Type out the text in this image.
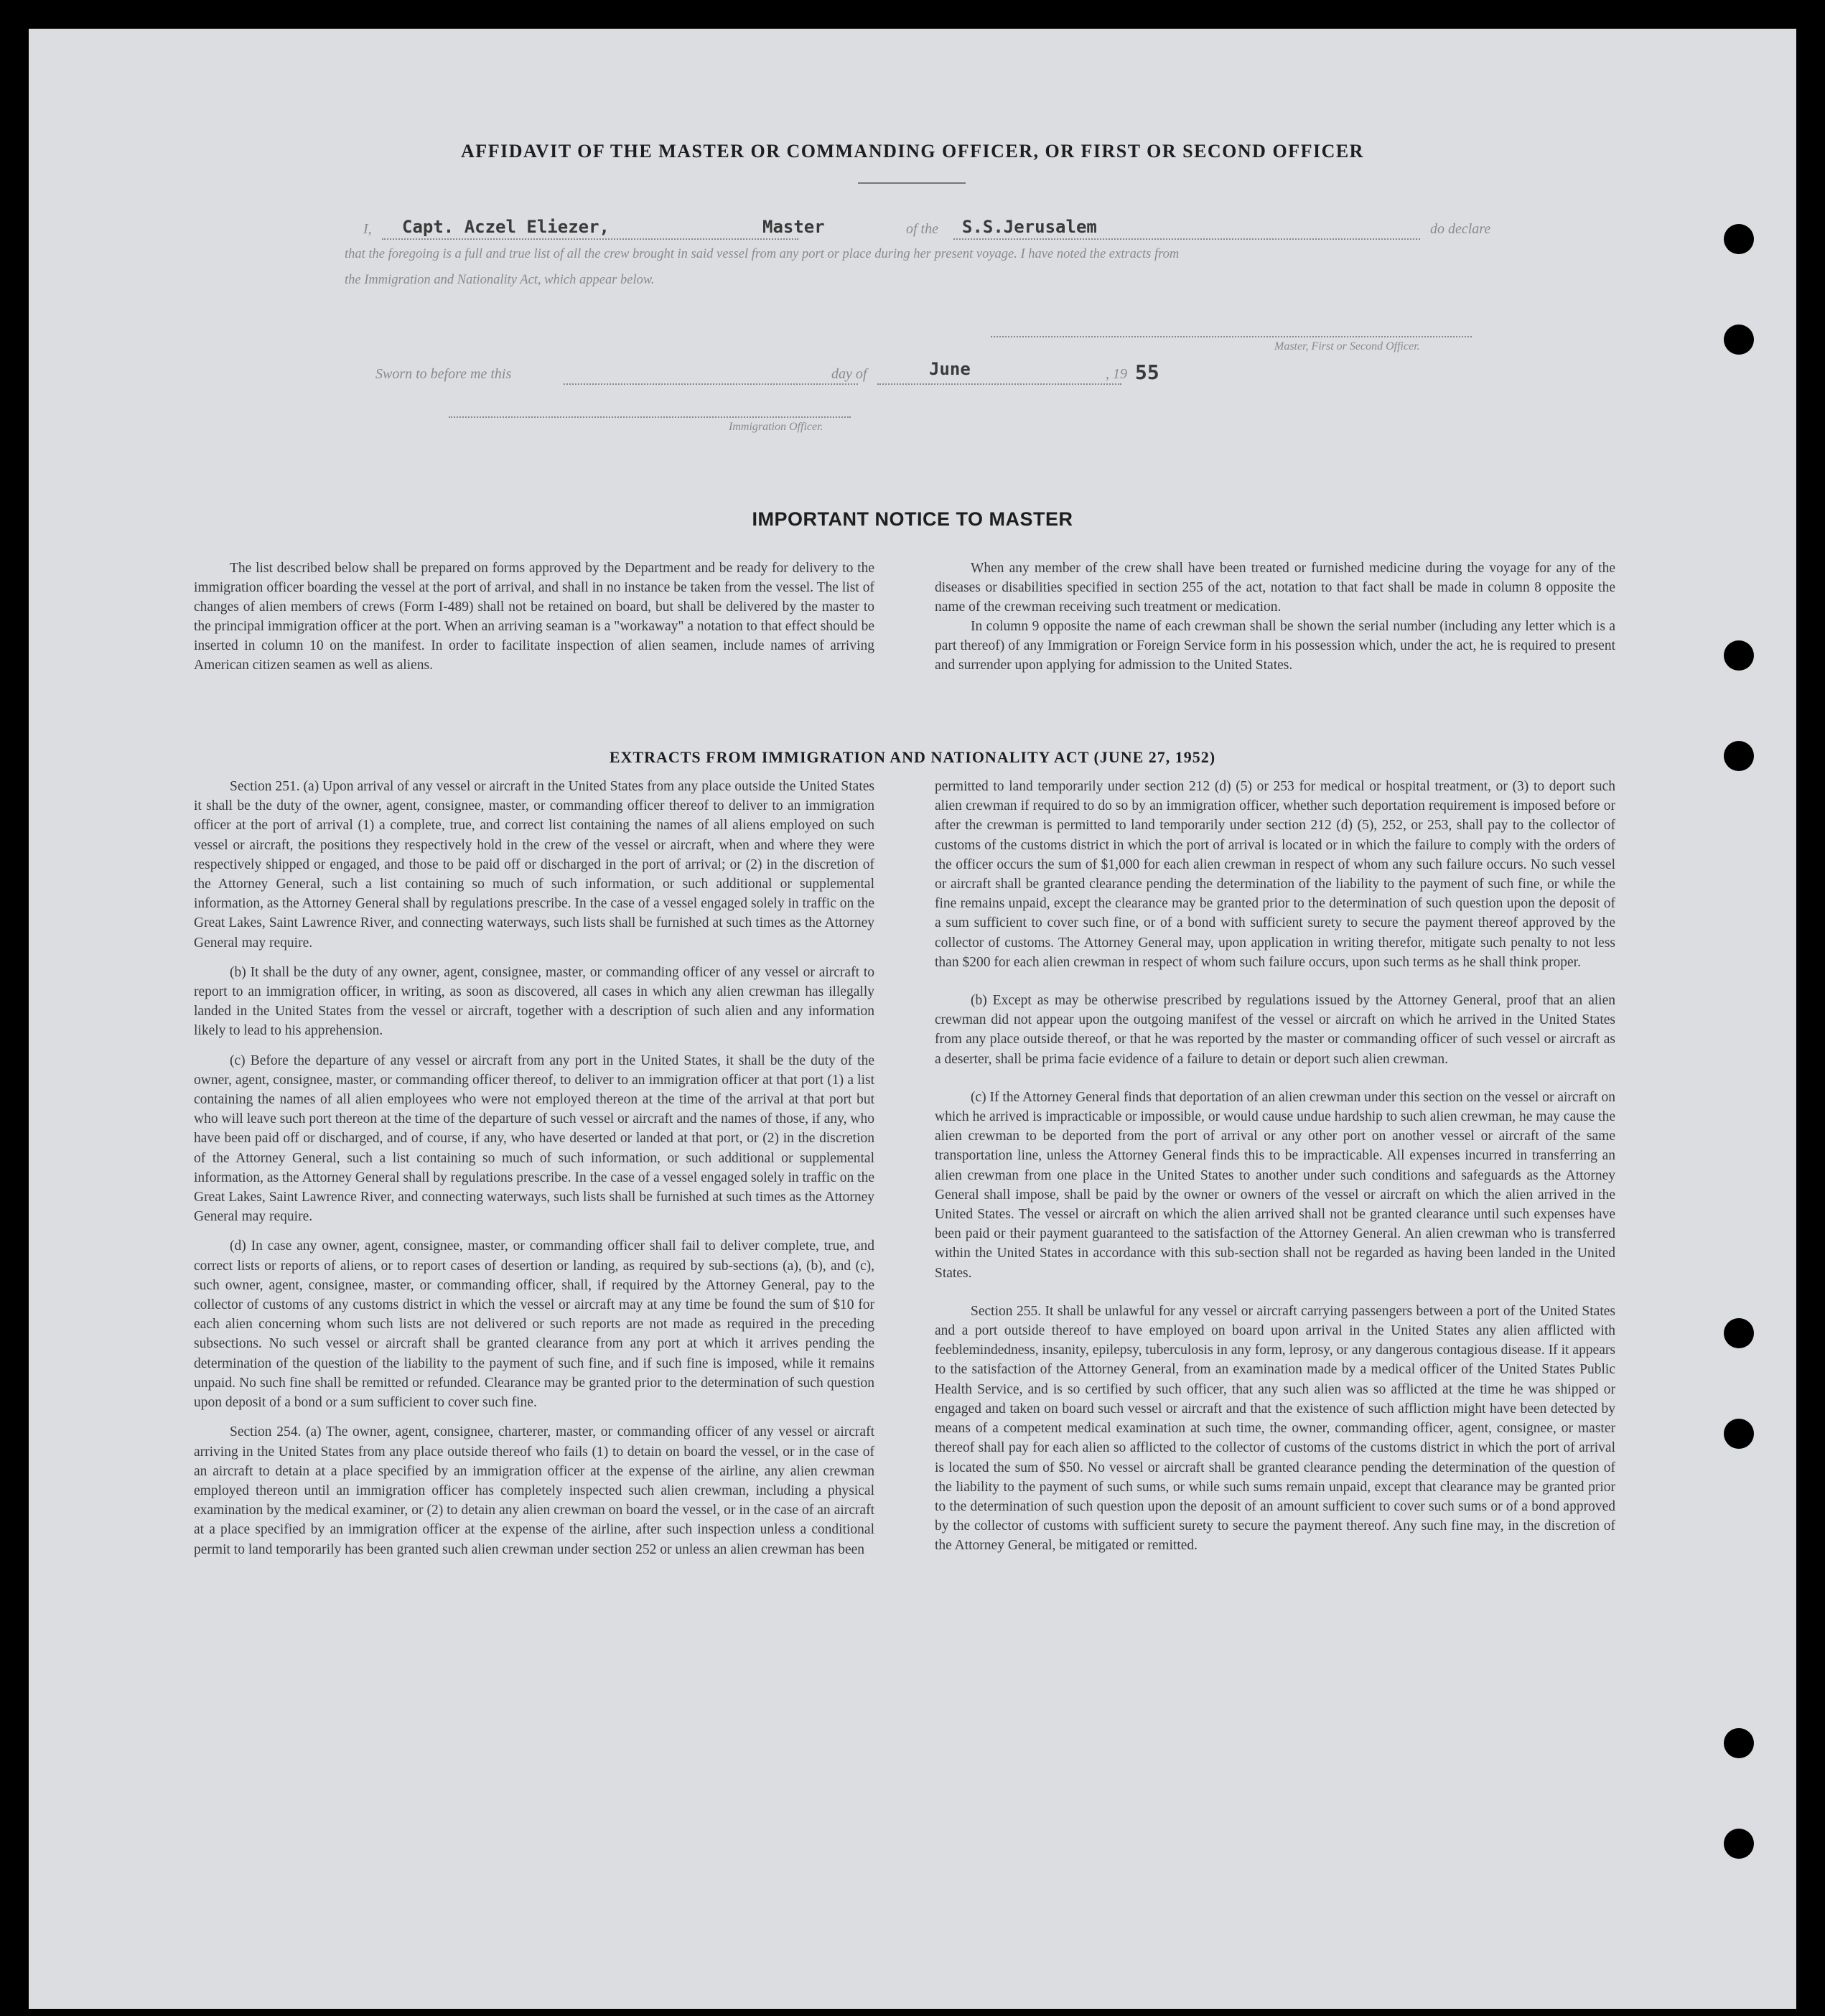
AFFIDAVIT OF THE MASTER OR COMMANDING OFFICER, OR FIRST OR SECOND OFFICER
I, Capt. Aczel Eliezer,	Master	of the S.S.Jerusalem	do declare
that the foregoing is a full and true list of all the crew brought in said vessel from any port or place during her present voyage. I have noted the extracts from
the Immigration and Nationality Act, which appear below.
Master, First or Second Officer.
Sworn to before me this	day of	June	, 19 55
Immigration Officer.
IMPORTANT NOTICE TO MASTER

The list described below shall be prepared on forms approved by the Department and be ready for delivery to the immigration officer boarding the vessel at the port of arrival, and shall in no instance be taken from the vessel. The list of changes of alien members of crews (Form I-489) shall not be retained on board, but shall be delivered by the master to the principal immigration officer at the port. When an arriving seaman is a "workaway" a notation to that effect should be inserted in column 10 on the manifest. In order to facilitate inspection of alien seamen, include names of arriving American citizen seamen as well as aliens.

When any member of the crew shall have been treated or furnished medicine during the voyage for any of the diseases or disabilities specified in section 255 of the act, notation to that fact shall be made in column 8 opposite the name of the crewman receiving such treatment or medication.

In column 9 opposite the name of each crewman shall be shown the serial number (including any letter which is a part thereof) of any Immigration or Foreign Service form in his possession which, under the act, he is required to present and surrender upon applying for admission to the United States.

EXTRACTS FROM IMMIGRATION AND NATIONALITY ACT (JUNE 27, 1952)

Section 251. (a) Upon arrival of any vessel or aircraft in the United States from any place outside the United States it shall be the duty of the owner, agent, consignee, master, or commanding officer thereof to deliver to an immigration officer at the port of arrival (1) a complete, true, and correct list containing the names of all aliens employed on such vessel or aircraft, the positions they respectively hold in the crew of the vessel or aircraft, when and where they were respectively shipped or engaged, and those to be paid off or discharged in the port of arrival; or (2) in the discretion of the Attorney General, such a list containing so much of such information, or such additional or supplemental information, as the Attorney General shall by regulations prescribe. In the case of a vessel engaged solely in traffic on the Great Lakes, Saint Lawrence River, and connecting waterways, such lists shall be furnished at such times as the Attorney General may require.

(b) It shall be the duty of any owner, agent, consignee, master, or commanding officer of any vessel or aircraft to report to an immigration officer, in writing, as soon as discovered, all cases in which any alien crewman has illegally landed in the United States from the vessel or aircraft, together with a description of such alien and any information likely to lead to his apprehension.

(c) Before the departure of any vessel or aircraft from any port in the United States, it shall be the duty of the owner, agent, consignee, master, or commanding officer thereof, to deliver to an immigration officer at that port (1) a list containing the names of all alien employees who were not employed thereon at the time of the arrival at that port but who will leave such port thereon at the time of the departure of such vessel or aircraft and the names of those, if any, who have been paid off or discharged, and of course, if any, who have deserted or landed at that port, or (2) in the discretion of the Attorney General, such a list containing so much of such information, or such additional or supplemental information, as the Attorney General shall by regulations prescribe. In the case of a vessel engaged solely in traffic on the Great Lakes, Saint Lawrence River, and connecting waterways, such lists shall be furnished at such times as the Attorney General may require.

(d) In case any owner, agent, consignee, master, or commanding officer shall fail to deliver complete, true, and correct lists or reports of aliens, or to report cases of desertion or landing, as required by sub-sections (a), (b), and (c), such owner, agent, consignee, master, or commanding officer, shall, if required by the Attorney General, pay to the collector of customs of any customs district in which the vessel or aircraft may at any time be found the sum of $10 for each alien concerning whom such lists are not delivered or such reports are not made as required in the preceding subsections. No such vessel or aircraft shall be granted clearance from any port at which it arrives pending the determination of the question of the liability to the payment of such fine, and if such fine is imposed, while it remains unpaid. No such fine shall be remitted or refunded. Clearance may be granted prior to the determination of such question upon deposit of a bond or a sum sufficient to cover such fine.

Section 254. (a) The owner, agent, consignee, charterer, master, or commanding officer of any vessel or aircraft arriving in the United States from any place outside thereof who fails (1) to detain on board the vessel, or in the case of an aircraft to detain at a place specified by an immigration officer at the expense of the airline, any alien crewman employed thereon until an immigration officer has completely inspected such alien crewman, including a physical examination by the medical examiner, or (2) to detain any alien crewman on board the vessel, or in the case of an aircraft at a place specified by an immigration officer at the expense of the airline, after such inspection unless a conditional permit to land temporarily has been granted such alien crewman under section 252 or unless an alien crewman has been

permitted to land temporarily under section 212 (d) (5) or 253 for medical or hospital treatment, or (3) to deport such alien crewman if required to do so by an immigration officer, whether such deportation requirement is imposed before or after the crewman is permitted to land temporarily under section 212 (d) (5), 252, or 253, shall pay to the collector of customs of the customs district in which the port of arrival is located or in which the failure to comply with the orders of the officer occurs the sum of $1,000 for each alien crewman in respect of whom any such failure occurs. No such vessel or aircraft shall be granted clearance pending the determination of the liability to the payment of such fine, or while the fine remains unpaid, except the clearance may be granted prior to the determination of such question upon the deposit of a sum sufficient to cover such fine, or of a bond with sufficient surety to secure the payment thereof approved by the collector of customs. The Attorney General may, upon application in writing therefor, mitigate such penalty to not less than $200 for each alien crewman in respect of whom such failure occurs, upon such terms as he shall think proper.

(b) Except as may be otherwise prescribed by regulations issued by the Attorney General, proof that an alien crewman did not appear upon the outgoing manifest of the vessel or aircraft on which he arrived in the United States from any place outside thereof, or that he was reported by the master or commanding officer of such vessel or aircraft as a deserter, shall be prima facie evidence of a failure to detain or deport such alien crewman.

(c) If the Attorney General finds that deportation of an alien crewman under this section on the vessel or aircraft on which he arrived is impracticable or impossible, or would cause undue hardship to such alien crewman, he may cause the alien crewman to be deported from the port of arrival or any other port on another vessel or aircraft of the same transportation line, unless the Attorney General finds this to be impracticable. All expenses incurred in transferring an alien crewman from one place in the United States to another under such conditions and safeguards as the Attorney General shall impose, shall be paid by the owner or owners of the vessel or aircraft on which the alien arrived in the United States. The vessel or aircraft on which the alien arrived shall not be granted clearance until such expenses have been paid or their payment guaranteed to the satisfaction of the Attorney General. An alien crewman who is transferred within the United States in accordance with this sub-section shall not be regarded as having been landed in the United States.

Section 255. It shall be unlawful for any vessel or aircraft carrying passengers between a port of the United States and a port outside thereof to have employed on board upon arrival in the United States any alien afflicted with feeblemindedness, insanity, epilepsy, tuberculosis in any form, leprosy, or any dangerous contagious disease. If it appears to the satisfaction of the Attorney General, from an examination made by a medical officer of the United States Public Health Service, and is so certified by such officer, that any such alien was so afflicted at the time he was shipped or engaged and taken on board such vessel or aircraft and that the existence of such affliction might have been detected by means of a competent medical examination at such time, the owner, commanding officer, agent, consignee, or master thereof shall pay for each alien so afflicted to the collector of customs of the customs district in which the port of arrival is located the sum of $50. No vessel or aircraft shall be granted clearance pending the determination of the question of the liability to the payment of such sums, or while such sums remain unpaid, except that clearance may be granted prior to the determination of such question upon the deposit of an amount sufficient to cover such sums or of a bond approved by the collector of customs with sufficient surety to secure the payment thereof. Any such fine may, in the discretion of the Attorney General, be mitigated or remitted.
